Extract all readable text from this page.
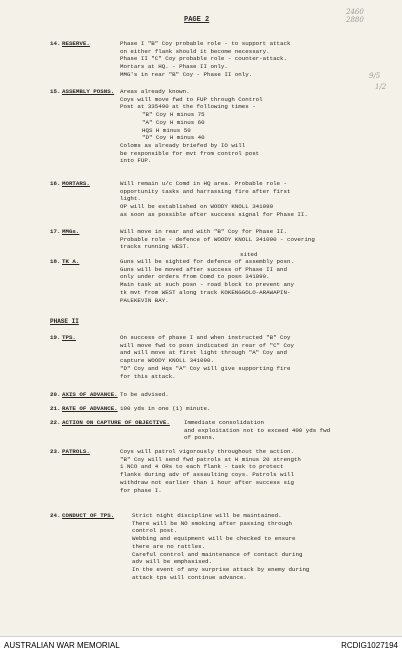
PAGE 2
2460
2880
9/5
1/2
14. RESERVE.	Phase I "B" Coy probable role - to support attack
on either flank should it become necessary.
Phase II "C" Coy probable role - counter-attack.
Mortars at HQ. - Phase II only.
MMG's in rear "B" Coy - Phase II only.
15. ASSEMBLY POSNS.	Areas already known.
Coys will move fwd to FUP through Control
Post at 335490 at the following times -
"B" Coy H minus 75
"A" Coy H minus 60
HQS H minus 50
"D" Coy H minus 40
Coloms as already briefed by IO will
be responsible for mvt from control post
into FUP.
16. MORTARS.	Will remain u/c Comd in HQ area. Probable role -
opportunity tasks and harrassing fire after first
light.
OP will be established on WOODY KNOLL 341090
as soon as possible after success signal for Phase II.
17. MMGs.	Will move in rear and with "B" Coy for Phase II.
Probable role - defence of WOODY KNOLL 341090 - covering
tracks running WEST.
sited
18. TK A.	Guns will be sighted for defence of assembly posn.
Guns will be moved after success of Phase II and
only under orders from Comd to posn 341090.
Main task at such posn - road block to prevent any
tk mvt from WEST along track KOKENGGOLO-ARAWAPIN-
PALEKEVIN BAY.
19. TPS.	On success of phase I and when instructed "B" Coy
will move fwd to posn indicated in rear of "C" Coy
and will move at first light through "A" Coy and
capture WOODY KNOLL 341090.
"D" Coy and Hqs "A" Coy will give supporting fire
for this attack.
20. AXIS OF ADVANCE. To be advised.
21. RATE OF ADVANCE. 100 yds in one (1) minute.
22. ACTION ON CAPTURE OF OBJECTIVE.	Immediate consolidation
and exploitation not to exceed 400 yds fwd
of posns.
23. PATROLS.	Coys will patrol vigorously throughout the action.
"B" Coy will send fwd patrols at H minus 20 strength
1 NCO and 4 ORs to each flank - task to protect
flanks during adv of assaulting coys. Patrols will
withdraw not earlier than 1 hour after success sig
for phase I.
24. CONDUCT OF TPS.	Strict night discipline will be maintained.
There will be NO smoking after passing through
control post.
Webbing and equipment will be checked to ensure
there are no rattles.
Careful control and maintenance of contact during
adv will be emphasised.
In the event of any surprise attack by enemy during
attack tps will continue advance.
PHASE II
AUSTRALIAN WAR MEMORIAL	RCDIG1027194
